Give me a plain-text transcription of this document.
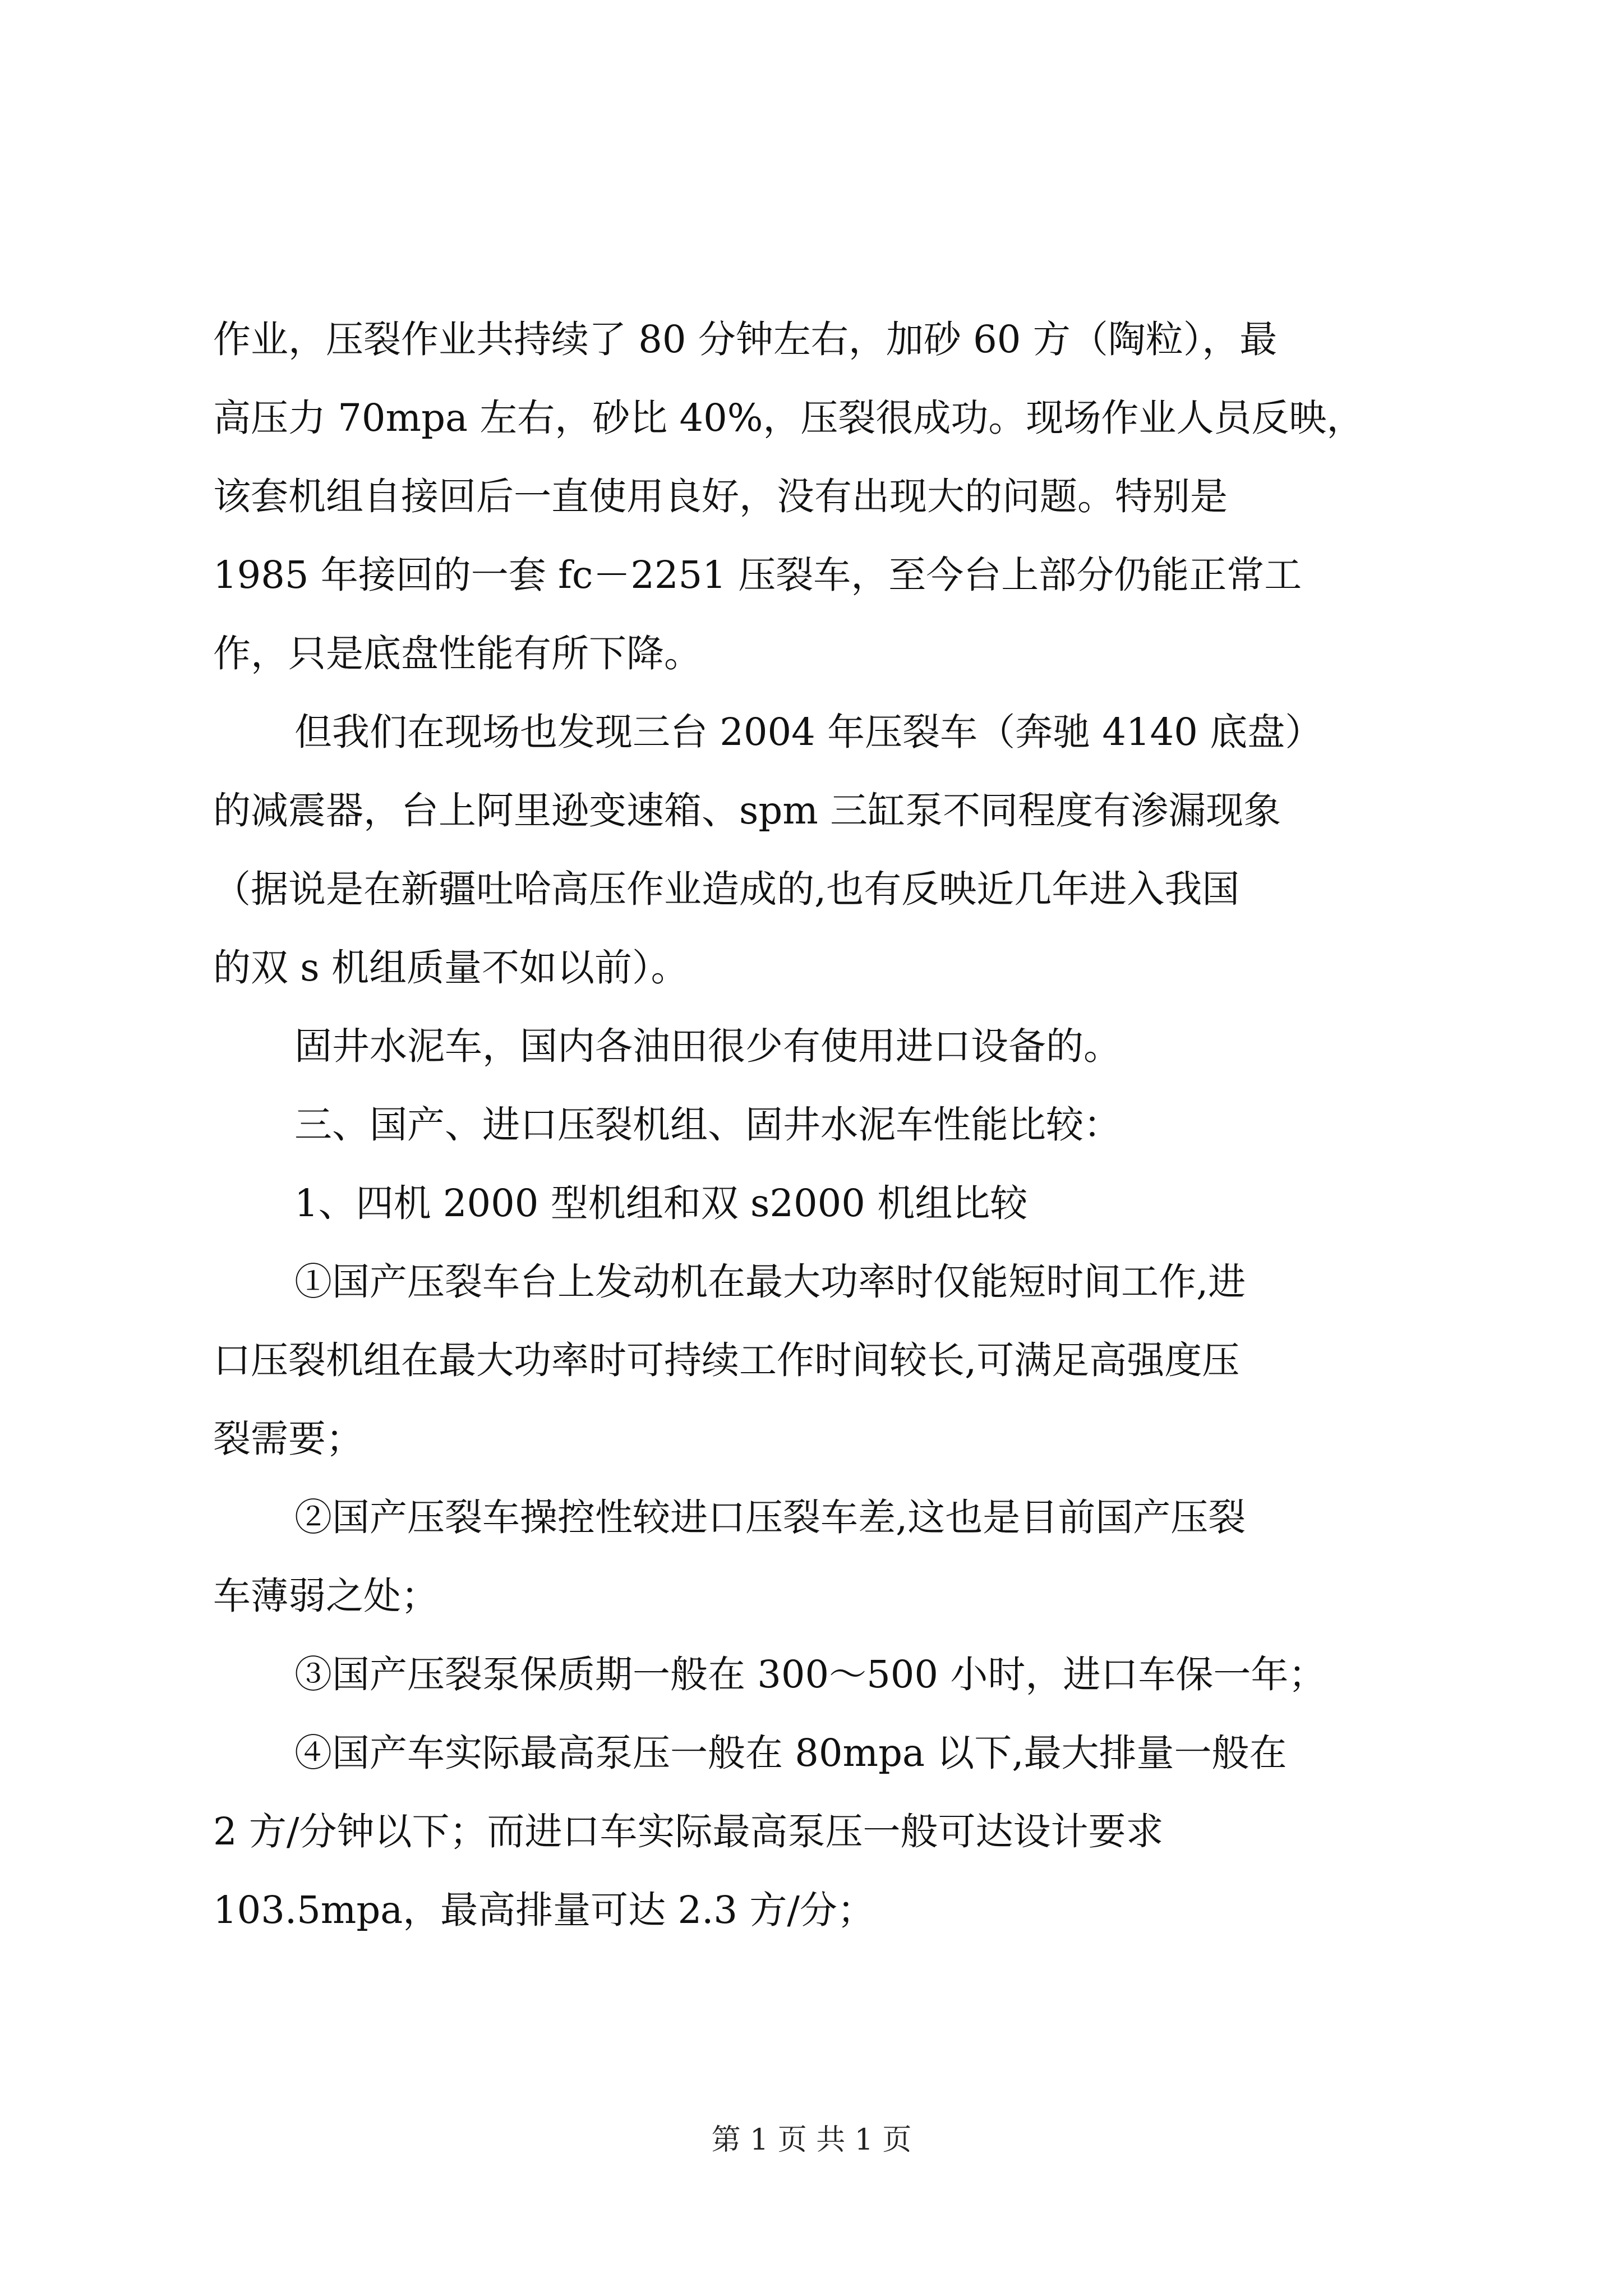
作业，压裂作业共持续了 80 分钟左右，加砂 60 方（陶粒），最
高压力 70mpa 左右，砂比 40%，压裂很成功。现场作业人员反映，
该套机组自接回后一直使用良好，没有出现大的问题。特别是
1985 年接回的一套 fc－2251 压裂车，至今台上部分仍能正常工
作，只是底盘性能有所下降。
但我们在现场也发现三台 2004 年压裂车（奔驰 4140 底盘）
的减震器，台上阿里逊变速箱、spm 三缸泵不同程度有渗漏现象
（据说是在新疆吐哈高压作业造成的,也有反映近几年进入我国
的双 s 机组质量不如以前）。
固井水泥车，国内各油田很少有使用进口设备的。
三、国产、进口压裂机组、固井水泥车性能比较：
1、四机 2000 型机组和双 s2000 机组比较
①国产压裂车台上发动机在最大功率时仅能短时间工作,进
口压裂机组在最大功率时可持续工作时间较长,可满足高强度压
裂需要；
②国产压裂车操控性较进口压裂车差,这也是目前国产压裂
车薄弱之处；
③国产压裂泵保质期一般在 300～500 小时，进口车保一年；
④国产车实际最高泵压一般在 80mpa 以下,最大排量一般在
2 方/分钟以下；而进口车实际最高泵压一般可达设计要求
103.5mpa，最高排量可达 2.3 方/分；
第 1 页 共 1 页
